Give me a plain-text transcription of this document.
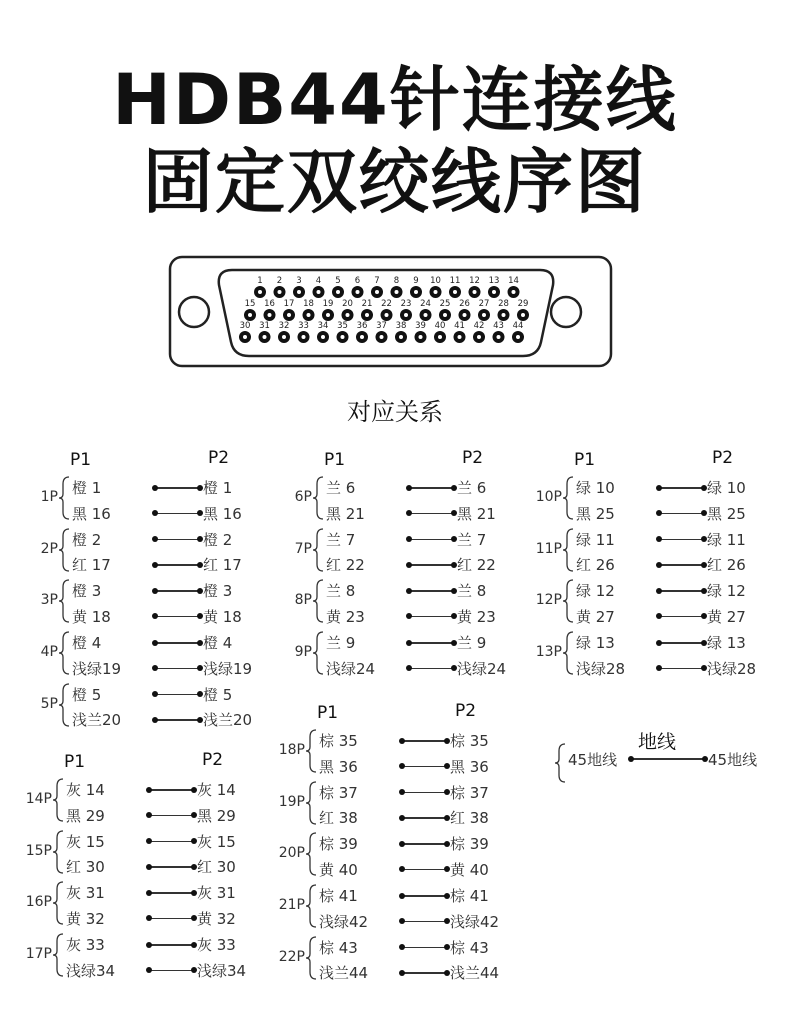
HDB44针连接线
固定双绞线序图
1 2 3 4 5 6 7 8 9 10 11 12 13 14
15 16 17 18 19 20 21 22 23 24 25 26 27 28 29
30 31 32 33 34 35 36 37 38 39 40 41 42 43 44
对应关系
P1	P2
1P 橙 1	橙 1
黑 16	黑 16
2P 橙 2	橙 2
红 17	红 17
3P 橙 3	橙 3
黄 18	黄 18
4P 橙 4	橙 4
浅绿19	浅绿19
5P 橙 5	橙 5
浅兰20	浅兰20
P1	P2
6P 兰 6	兰 6
黑 21	黑 21
7P 兰 7	兰 7
红 22	红 22
8P 兰 8	兰 8
黄 23	黄 23
9P 兰 9	兰 9
浅绿24	浅绿24
P1	P2
10P 绿 10	绿 10
黑 25	黑 25
11P 绿 11	绿 11
红 26	红 26
12P 绿 12	绿 12
黄 27	黄 27
13P 绿 13	绿 13
浅绿28	浅绿28
P1	P2
14P 灰 14	灰 14
黑 29	黑 29
15P 灰 15	灰 15
红 30	红 30
16P 灰 31	灰 31
黄 32	黄 32
17P 灰 33	灰 33
浅绿34	浅绿34
P1	P2
18P 棕 35	棕 35
黑 36	黑 36
19P 棕 37	棕 37
红 38	红 38
20P 棕 39	棕 39
黄 40	黄 40
21P 棕 41	棕 41
浅绿42	浅绿42
22P 棕 43	棕 43
浅兰44	浅兰44
地线
45地线	45地线
